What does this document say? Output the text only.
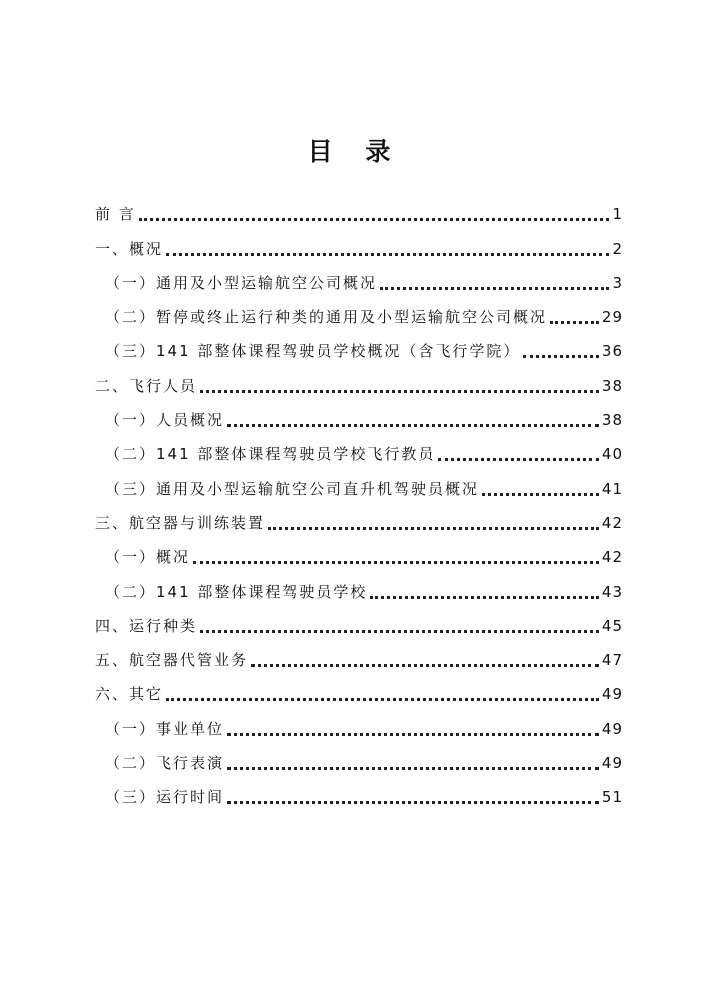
目 录
前 言	1
一、概况	2
（一）通用及小型运输航空公司概况	3
（二）暂停或终止运行种类的通用及小型运输航空公司概况	29
（三）141 部整体课程驾驶员学校概况（含飞行学院）	36
二、飞行人员	38
（一）人员概况	38
（二）141 部整体课程驾驶员学校飞行教员	40
（三）通用及小型运输航空公司直升机驾驶员概况	41
三、航空器与训练装置	42
（一）概况	42
（二）141 部整体课程驾驶员学校	43
四、运行种类	45
五、航空器代管业务	47
六、其它	49
（一）事业单位	49
（二）飞行表演	49
（三）运行时间	51
